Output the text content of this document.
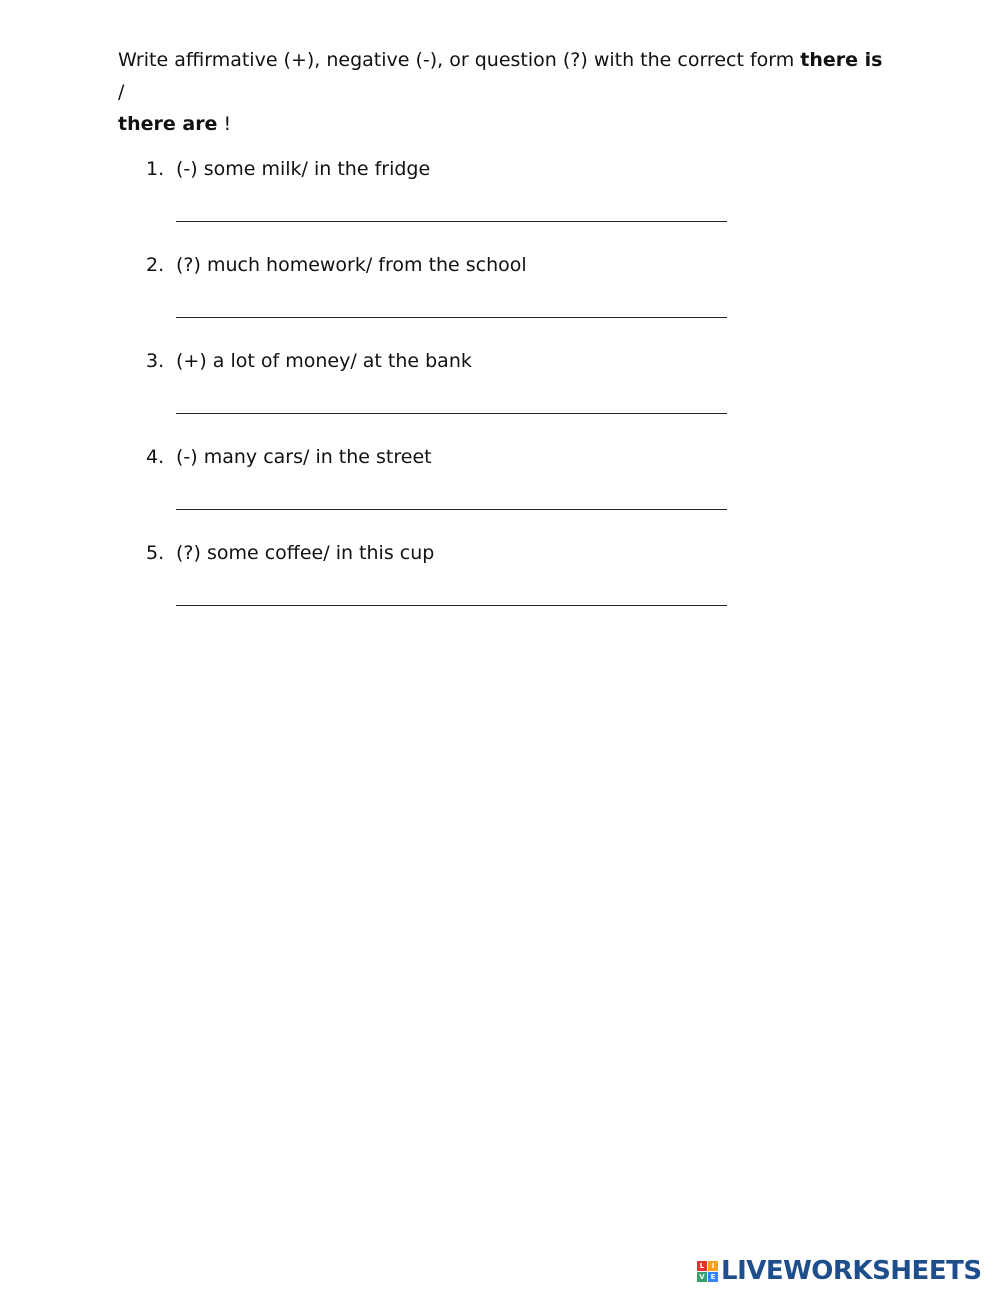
Write affirmative (+), negative (-), or question (?) with the correct form there is /
there are !
1. (-) some milk/ in the fridge
2. (?) much homework/ from the school
3. (+) a lot of money/ at the bank
4. (-) many cars/ in the street
5. (?) some coffee/ in this cup
L	I
V E LIVEWORKSHEETS
